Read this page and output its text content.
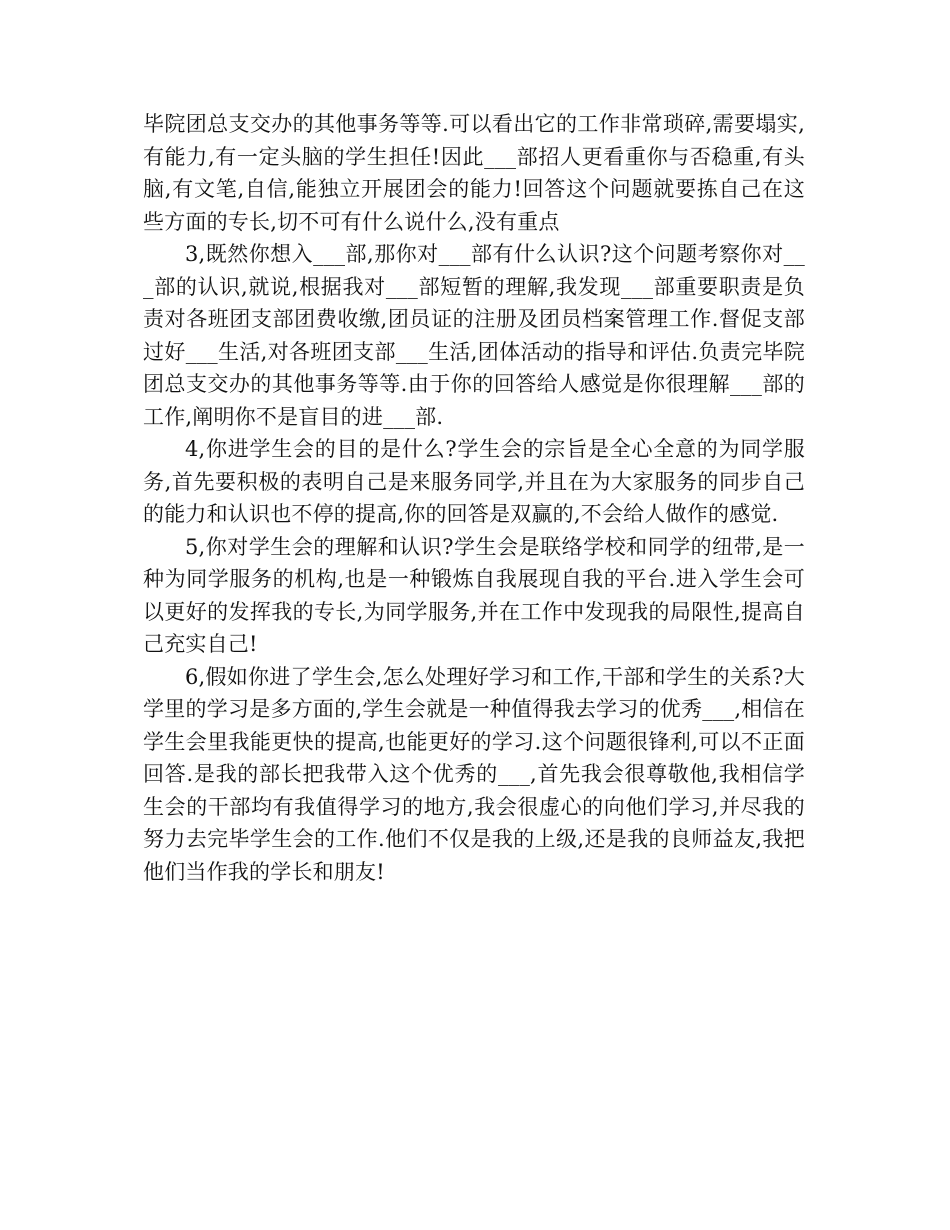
毕院团总支交办的其他事务等等.可以看出它的工作非常琐碎,需要塌实,有能力,有一定头脑的学生担任!因此___部招人更看重你与否稳重,有头脑,有文笔,自信,能独立开展团会的能力!回答这个问题就要拣自己在这些方面的专长,切不可有什么说什么,没有重点

3,既然你想入___部,那你对___部有什么认识?这个问题考察你对___部的认识,就说,根据我对___部短暂的理解,我发现___部重要职责是负责对各班团支部团费收缴,团员证的注册及团员档案管理工作.督促支部过好___生活,对各班团支部___生活,团体活动的指导和评估.负责完毕院团总支交办的其他事务等等.由于你的回答给人感觉是你很理解___部的工作,阐明你不是盲目的进___部.

4,你进学生会的目的是什么?学生会的宗旨是全心全意的为同学服务,首先要积极的表明自己是来服务同学,并且在为大家服务的同步自己的能力和认识也不停的提高,你的回答是双赢的,不会给人做作的感觉.

5,你对学生会的理解和认识?学生会是联络学校和同学的纽带,是一种为同学服务的机构,也是一种锻炼自我展现自我的平台.进入学生会可以更好的发挥我的专长,为同学服务,并在工作中发现我的局限性,提高自己充实自己!

6,假如你进了学生会,怎么处理好学习和工作,干部和学生的关系?大学里的学习是多方面的,学生会就是一种值得我去学习的优秀___,相信在学生会里我能更快的提高,也能更好的学习.这个问题很锋利,可以不正面回答.是我的部长把我带入这个优秀的___,首先我会很尊敬他,我相信学生会的干部均有我值得学习的地方,我会很虚心的向他们学习,并尽我的努力去完毕学生会的工作.他们不仅是我的上级,还是我的良师益友,我把他们当作我的学长和朋友!
